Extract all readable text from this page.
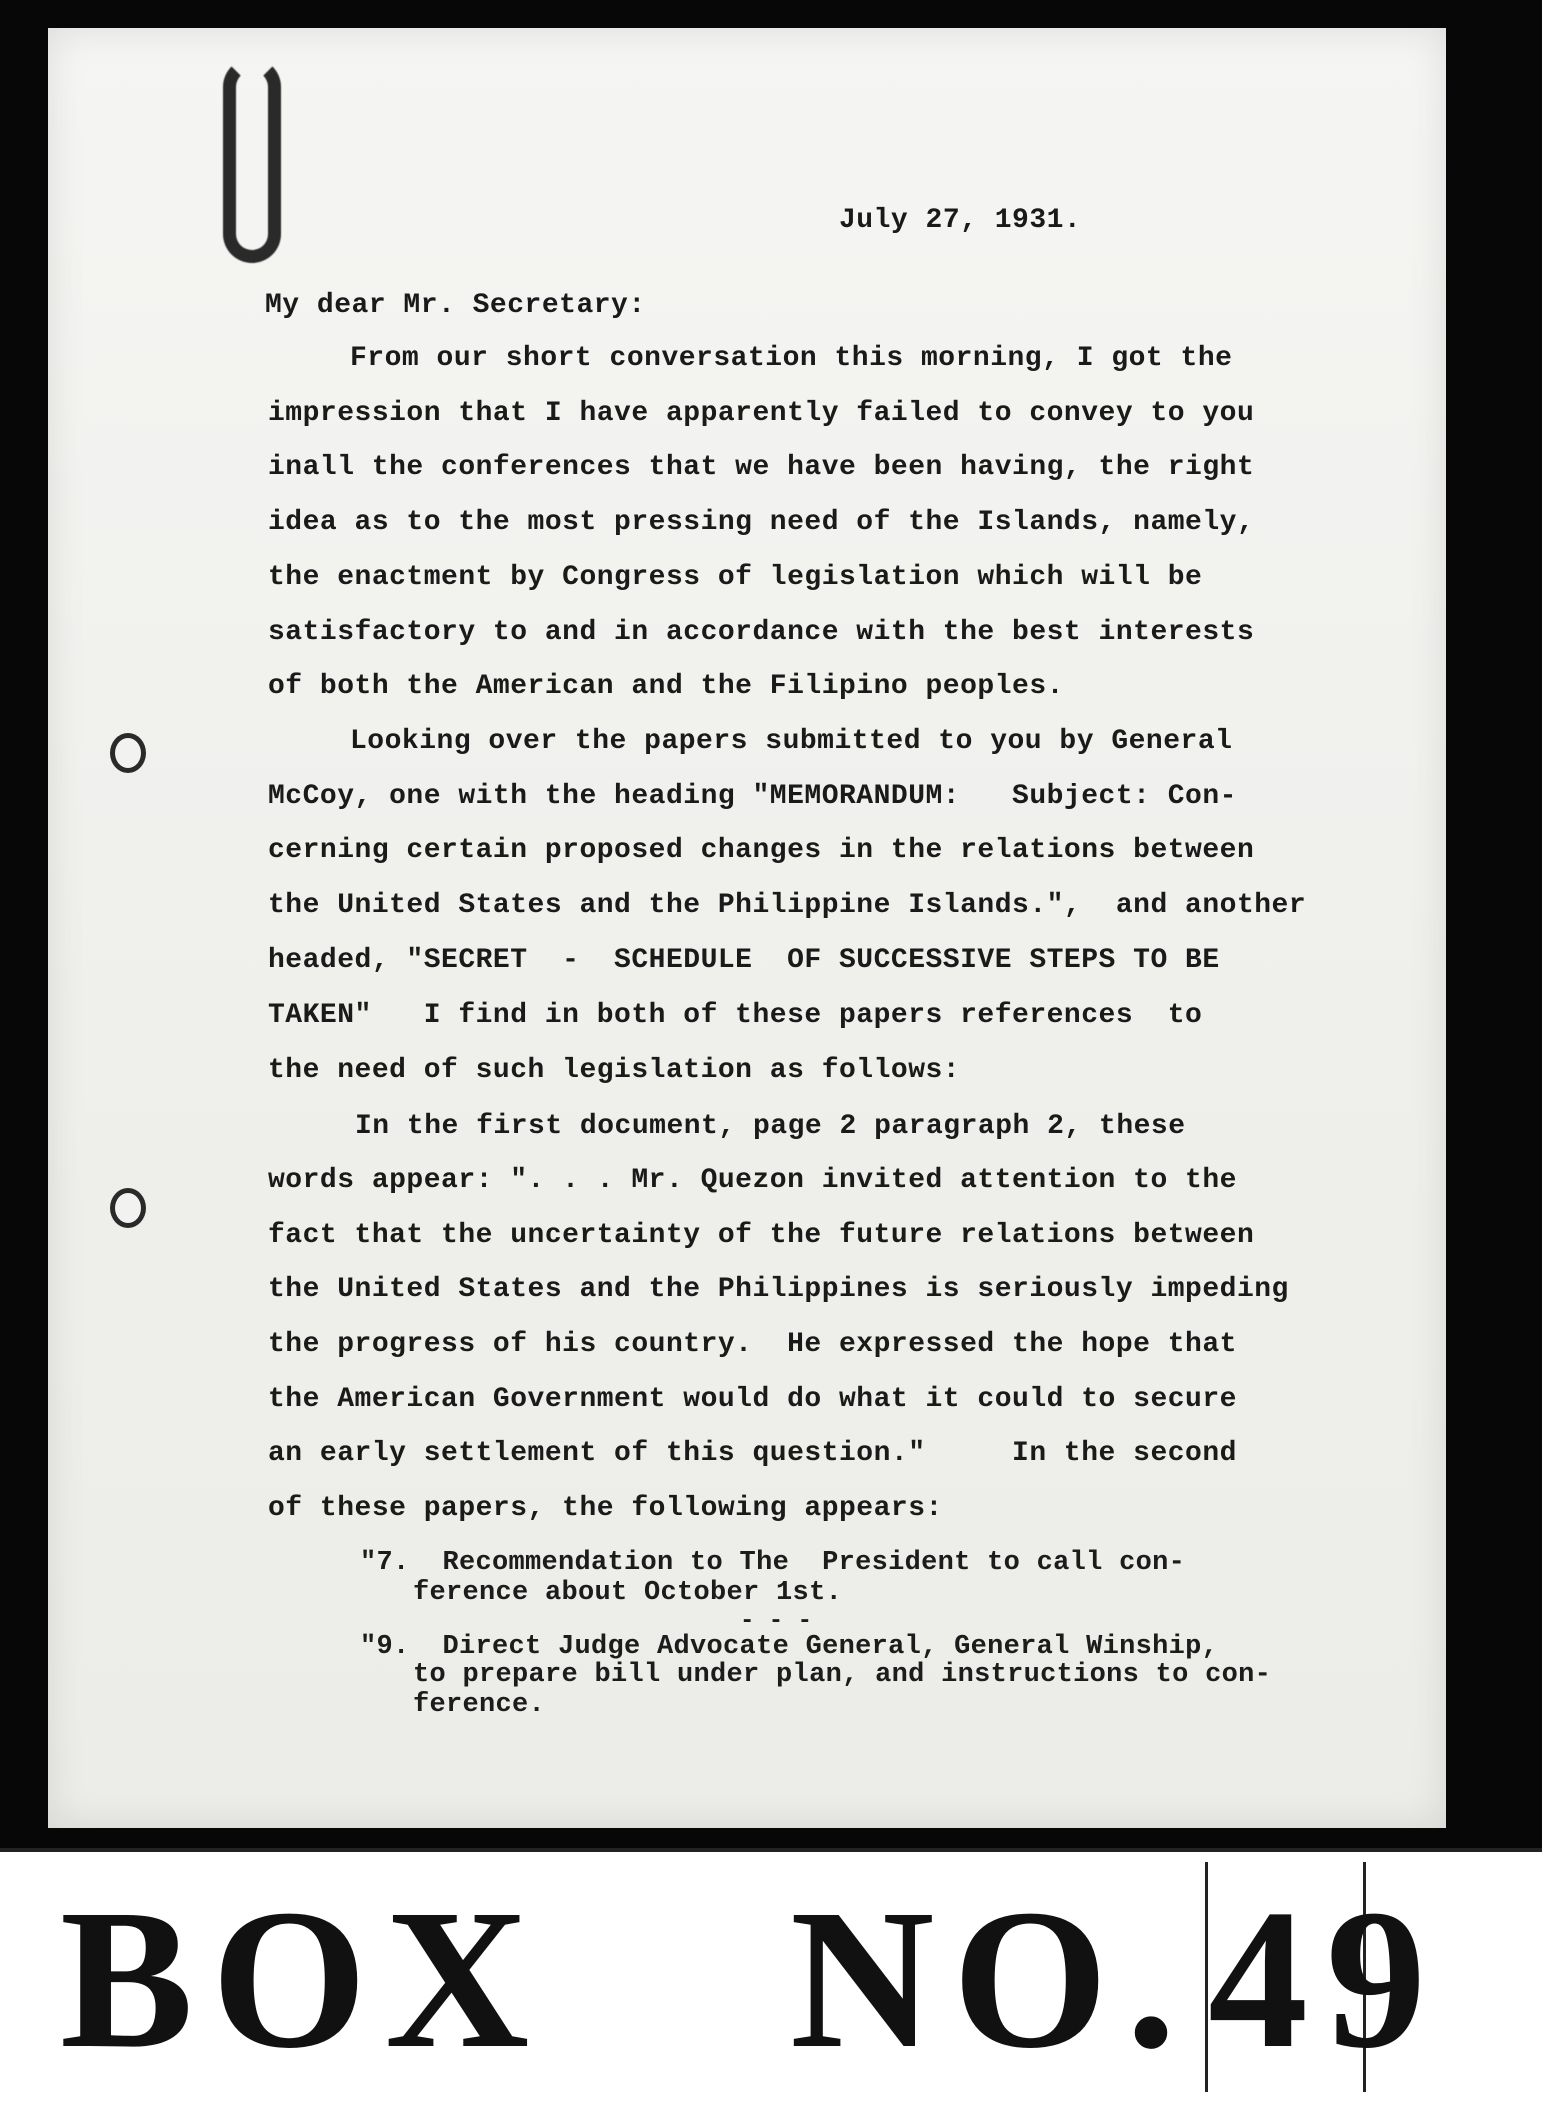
July 27, 1931.
My dear Mr. Secretary:
From our short conversation this morning, I got the
impression that I have apparently failed to convey to you
inall the conferences that we have been having, the right
idea as to the most pressing need of the Islands, namely,
the enactment by Congress of legislation which will be
satisfactory to and in accordance with the best interests
of both the American and the Filipino peoples.
Looking over the papers submitted to you by General
McCoy, one with the heading "MEMORANDUM:   Subject: Con-
cerning certain proposed changes in the relations between
the United States and the Philippine Islands.",  and another
headed, "SECRET  -  SCHEDULE  OF SUCCESSIVE STEPS TO BE
TAKEN"   I find in both of these papers references  to
the need of such legislation as follows:
In the first document, page 2 paragraph 2, these
words appear: ". . . Mr. Quezon invited attention to the
fact that the uncertainty of the future relations between
the United States and the Philippines is seriously impeding
the progress of his country.  He expressed the hope that
the American Government would do what it could to secure
an early settlement of this question."     In the second
of these papers, the following appears:
"7.  Recommendation to The  President to call con-
ference about October 1st.
- - -
"9.  Direct Judge Advocate General, General Winship,
to prepare bill under plan, and instructions to con-
ference.
BOX NO. 49
